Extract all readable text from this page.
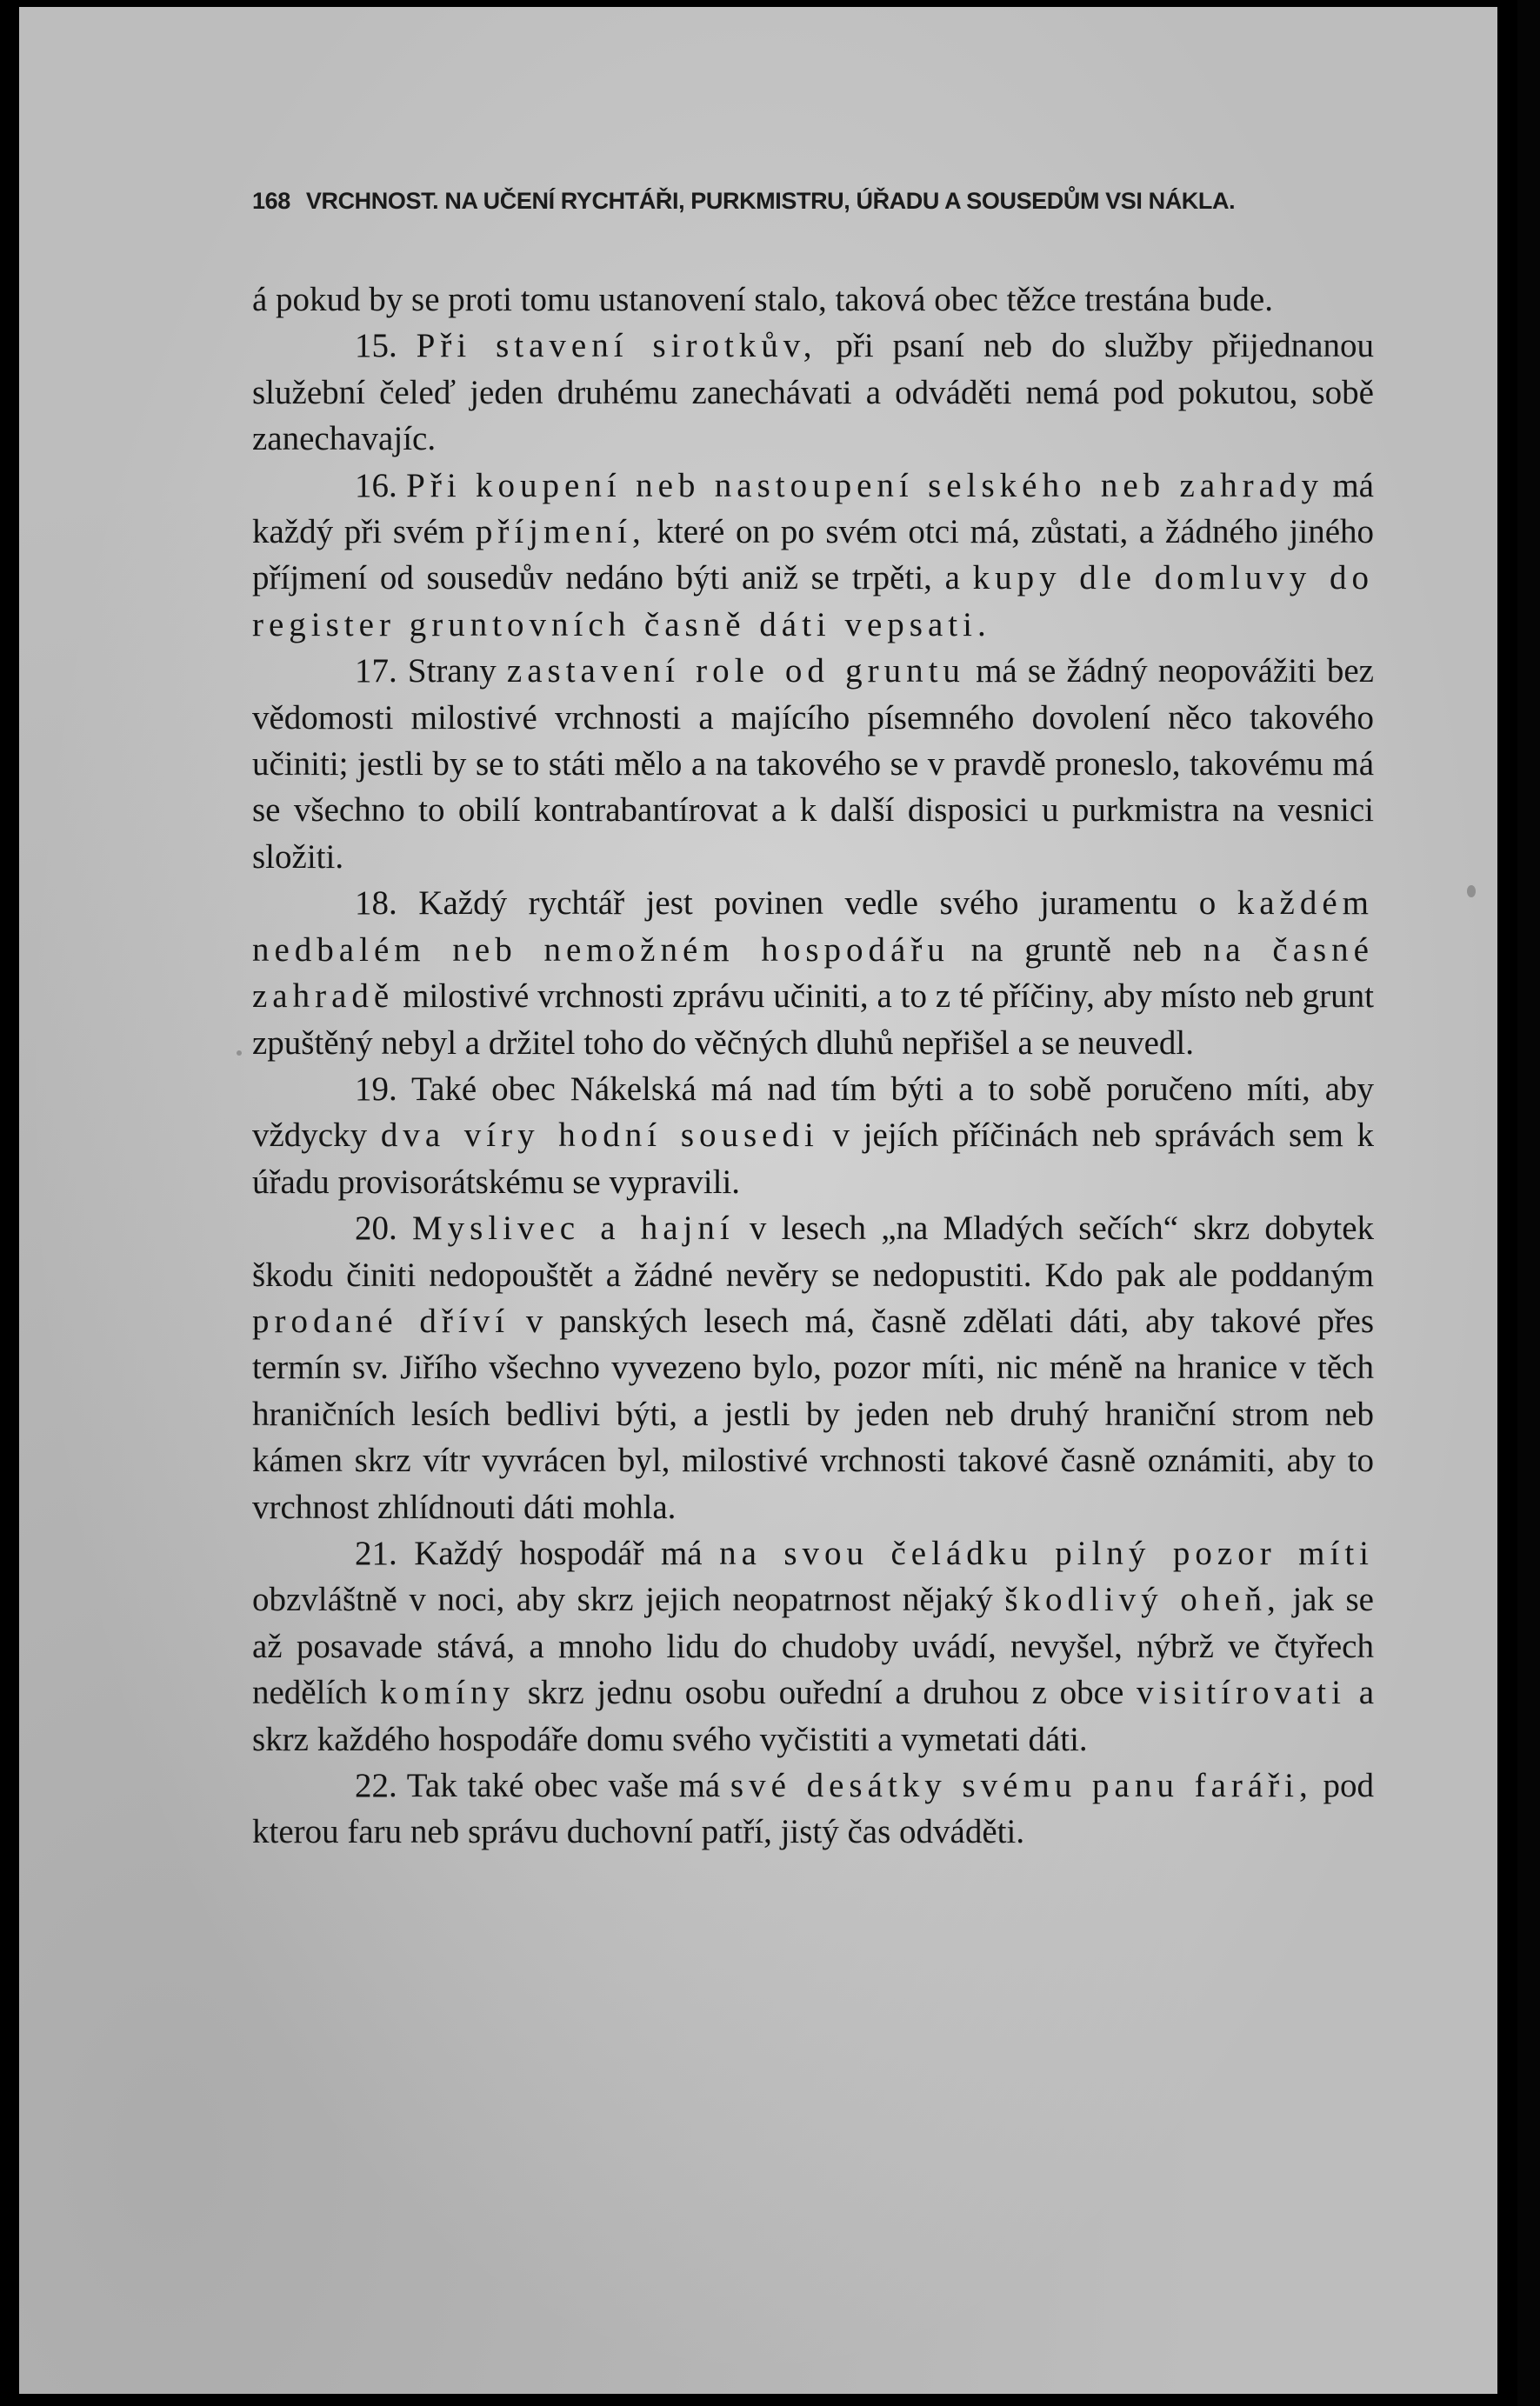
168 VRCHNOST. NA UČENÍ RYCHTÁŘI, PURKMISTRU, ÚŘADU A SOUSEDŮM VSI NÁKLA.

á pokud by se proti tomu ustanovení stalo, taková obec těžce trestána bude.

15. Při stavení sirotkův, při psaní neb do služby přijednanou služební čeleď jeden druhému zanechávati a odváděti nemá pod pokutou, sobě zanechavajíc.

16. Při koupení neb nastoupení selského neb zahrady má každý při svém příjmení, které on po svém otci má, zůstati, a žádného jiného příjmení od sousedův nedáno býti aniž se trpěti, a kupy dle domluvy do register gruntovních časně dáti vepsati.

17. Strany zastavení role od gruntu má se žádný neopovážiti bez vědomosti milostivé vrchnosti a majícího písemného dovolení něco takového učiniti; jestli by se to státi mělo a na takového se v pravdě proneslo, takovému má se všechno to obilí kontrabantírovat a k další disposici u purkmistra na vesnici složiti.

18. Každý rychtář jest povinen vedle svého juramentu o každém nedbalém neb nemožném hospodářu na gruntě neb na časné zahradě milostivé vrchnosti zprávu učiniti, a to z té příčiny, aby místo neb grunt zpuštěný nebyl a držitel toho do věčných dluhů nepřišel a se neuvedl.

19. Také obec Nákelská má nad tím býti a to sobě poručeno míti, aby vždycky dva víry hodní sousedi v jejích příčinách neb správách sem k úřadu provisorátskému se vypravili.

20. Myslivec a hajní v lesech „na Mladých sečích“ skrz dobytek škodu činiti nedopouštět a žádné nevěry se nedopustiti. Kdo pak ale poddaným prodané dříví v panských lesech má, časně zdělati dáti, aby takové přes termín sv. Jiřího všechno vyvezeno bylo, pozor míti, nic méně na hranice v těch hraničních lesích bedlivi býti, a jestli by jeden neb druhý hraniční strom neb kámen skrz vítr vyvrácen byl, milostivé vrchnosti takové časně oznámiti, aby to vrchnost zhlídnouti dáti mohla.

21. Každý hospodář má na svou čeládku pilný pozor míti obzvláštně v noci, aby skrz jejich neopatrnost nějaký škodlivý oheň, jak se až posavade stává, a mnoho lidu do chudoby uvádí, nevyšel, nýbrž ve čtyřech nedělích komíny skrz jednu osobu ouřední a druhou z obce visitírovati a skrz každého hospodáře domu svého vyčistiti a vymetati dáti.

22. Tak také obec vaše má své desátky svému panu faráři, pod kterou faru neb správu duchovní patří, jistý čas odváděti.
